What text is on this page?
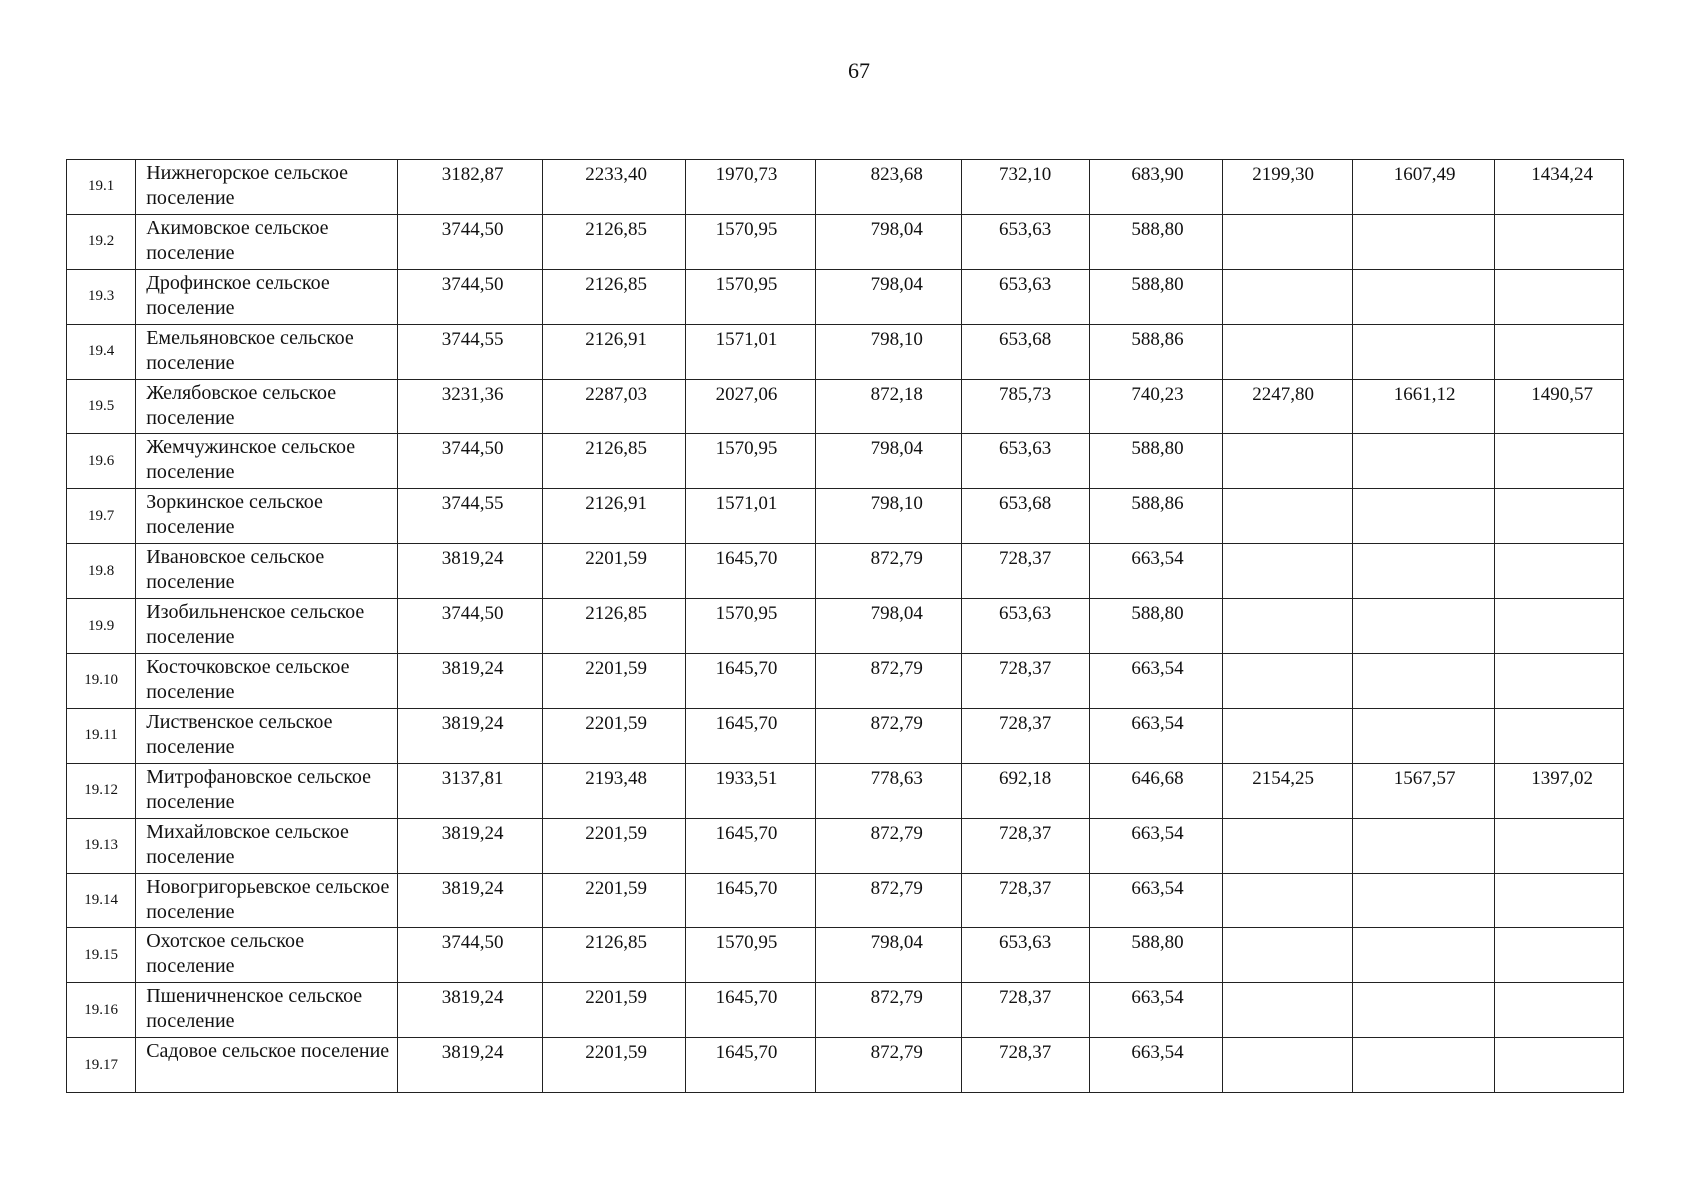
67
19.1	Нижнегорское сельское поселение	3182,87	2233,40	1970,73	823,68	732,10	683,90	2199,30	1607,49	1434,24
19.2	Акимовское сельское поселение	3744,50	2126,85	1570,95	798,04	653,63	588,80			
19.3	Дрофинское сельское поселение	3744,50	2126,85	1570,95	798,04	653,63	588,80			
19.4	Емельяновское сельское поселение	3744,55	2126,91	1571,01	798,10	653,68	588,86			
19.5	Желябовское сельское поселение	3231,36	2287,03	2027,06	872,18	785,73	740,23	2247,80	1661,12	1490,57
19.6	Жемчужинское сельское поселение	3744,50	2126,85	1570,95	798,04	653,63	588,80			
19.7	Зоркинское сельское поселение	3744,55	2126,91	1571,01	798,10	653,68	588,86			
19.8	Ивановское сельское поселение	3819,24	2201,59	1645,70	872,79	728,37	663,54			
19.9	Изобильненское сельское поселение	3744,50	2126,85	1570,95	798,04	653,63	588,80			
19.10	Косточковское сельское поселение	3819,24	2201,59	1645,70	872,79	728,37	663,54			
19.11	Лиственское сельское поселение	3819,24	2201,59	1645,70	872,79	728,37	663,54			
19.12	Митрофановское сельское поселение	3137,81	2193,48	1933,51	778,63	692,18	646,68	2154,25	1567,57	1397,02
19.13	Михайловское сельское поселение	3819,24	2201,59	1645,70	872,79	728,37	663,54			
19.14	Новогригорьевское сельское поселение	3819,24	2201,59	1645,70	872,79	728,37	663,54			
19.15	Охотское сельское поселение	3744,50	2126,85	1570,95	798,04	653,63	588,80			
19.16	Пшеничненское сельское поселение	3819,24	2201,59	1645,70	872,79	728,37	663,54			
19.17	Садовое сельское поселение	3819,24	2201,59	1645,70	872,79	728,37	663,54			
